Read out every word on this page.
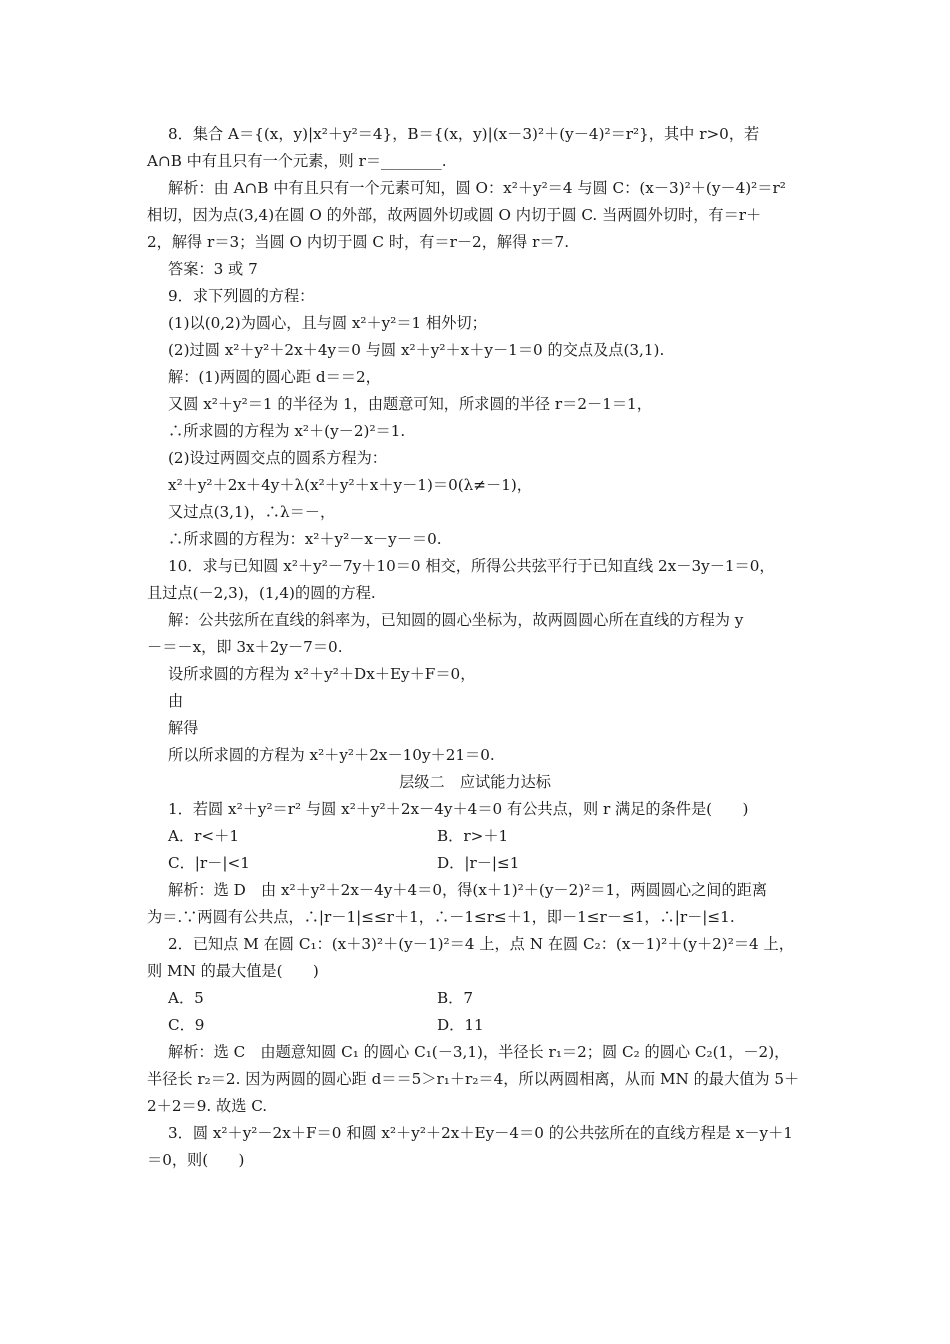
8．集合 A＝{(x，y)|x²＋y²＝4}，B＝{(x，y)|(x－3)²＋(y－4)²＝r²}，其中 r>0，若
A∩B 中有且只有一个元素，则 r＝________.
解析：由 A∩B 中有且只有一个元素可知，圆 O：x²＋y²＝4 与圆 C：(x－3)²＋(y－4)²＝r²
相切，因为点(3,4)在圆 O 的外部，故两圆外切或圆 O 内切于圆 C. 当两圆外切时，有＝r＋
2，解得 r＝3；当圆 O 内切于圆 C 时，有＝r－2，解得 r＝7.
答案：3 或 7
9．求下列圆的方程：
(1)以(0,2)为圆心，且与圆 x²＋y²＝1 相外切；
(2)过圆 x²＋y²＋2x＋4y＝0 与圆 x²＋y²＋x＋y－1＝0 的交点及点(3,1).
解：(1)两圆的圆心距 d＝＝2，
又圆 x²＋y²＝1 的半径为 1，由题意可知，所求圆的半径 r＝2－1＝1，
∴所求圆的方程为 x²＋(y－2)²＝1.
(2)设过两圆交点的圆系方程为：
x²＋y²＋2x＋4y＋λ(x²＋y²＋x＋y－1)＝0(λ≠－1)，
又过点(3,1)，∴λ＝－，
∴所求圆的方程为：x²＋y²－x－y－＝0.
10．求与已知圆 x²＋y²－7y＋10＝0 相交，所得公共弦平行于已知直线 2x－3y－1＝0，
且过点(－2,3)，(1,4)的圆的方程.
解：公共弦所在直线的斜率为，已知圆的圆心坐标为，故两圆圆心所在直线的方程为 y
－＝－x，即 3x＋2y－7＝0.
设所求圆的方程为 x²＋y²＋Dx＋Ey＋F＝0，
由
解得
所以所求圆的方程为 x²＋y²＋2x－10y＋21＝0.
1．若圆 x²＋y²＝r² 与圆 x²＋y²＋2x－4y＋4＝0 有公共点，则 r 满足的条件是(　　)
解析：选 D　由 x²＋y²＋2x－4y＋4＝0，得(x＋1)²＋(y－2)²＝1，两圆圆心之间的距离
为＝.∵两圆有公共点，∴|r－1|≤≤r＋1，∴－1≤r≤＋1，即－1≤r－≤1，∴|r－|≤1.
2．已知点 M 在圆 C₁：(x＋3)²＋(y－1)²＝4 上，点 N 在圆 C₂：(x－1)²＋(y＋2)²＝4 上，
则 MN 的最大值是(　　)
解析：选 C　由题意知圆 C₁ 的圆心 C₁(－3,1)，半径长 r₁＝2；圆 C₂ 的圆心 C₂(1，－2)，
半径长 r₂＝2. 因为两圆的圆心距 d＝＝5＞r₁＋r₂＝4，所以两圆相离，从而 MN 的最大值为 5＋
2＋2＝9. 故选 C.
3．圆 x²＋y²－2x＋F＝0 和圆 x²＋y²＋2x＋Ey－4＝0 的公共弦所在的直线方程是 x－y＋1
＝0，则(　　)
层级二　应试能力达标
A．r<＋1	B．r>＋1
C．|r－|<1	D．|r－|≤1
A．5	B．7
C．9	D．11
